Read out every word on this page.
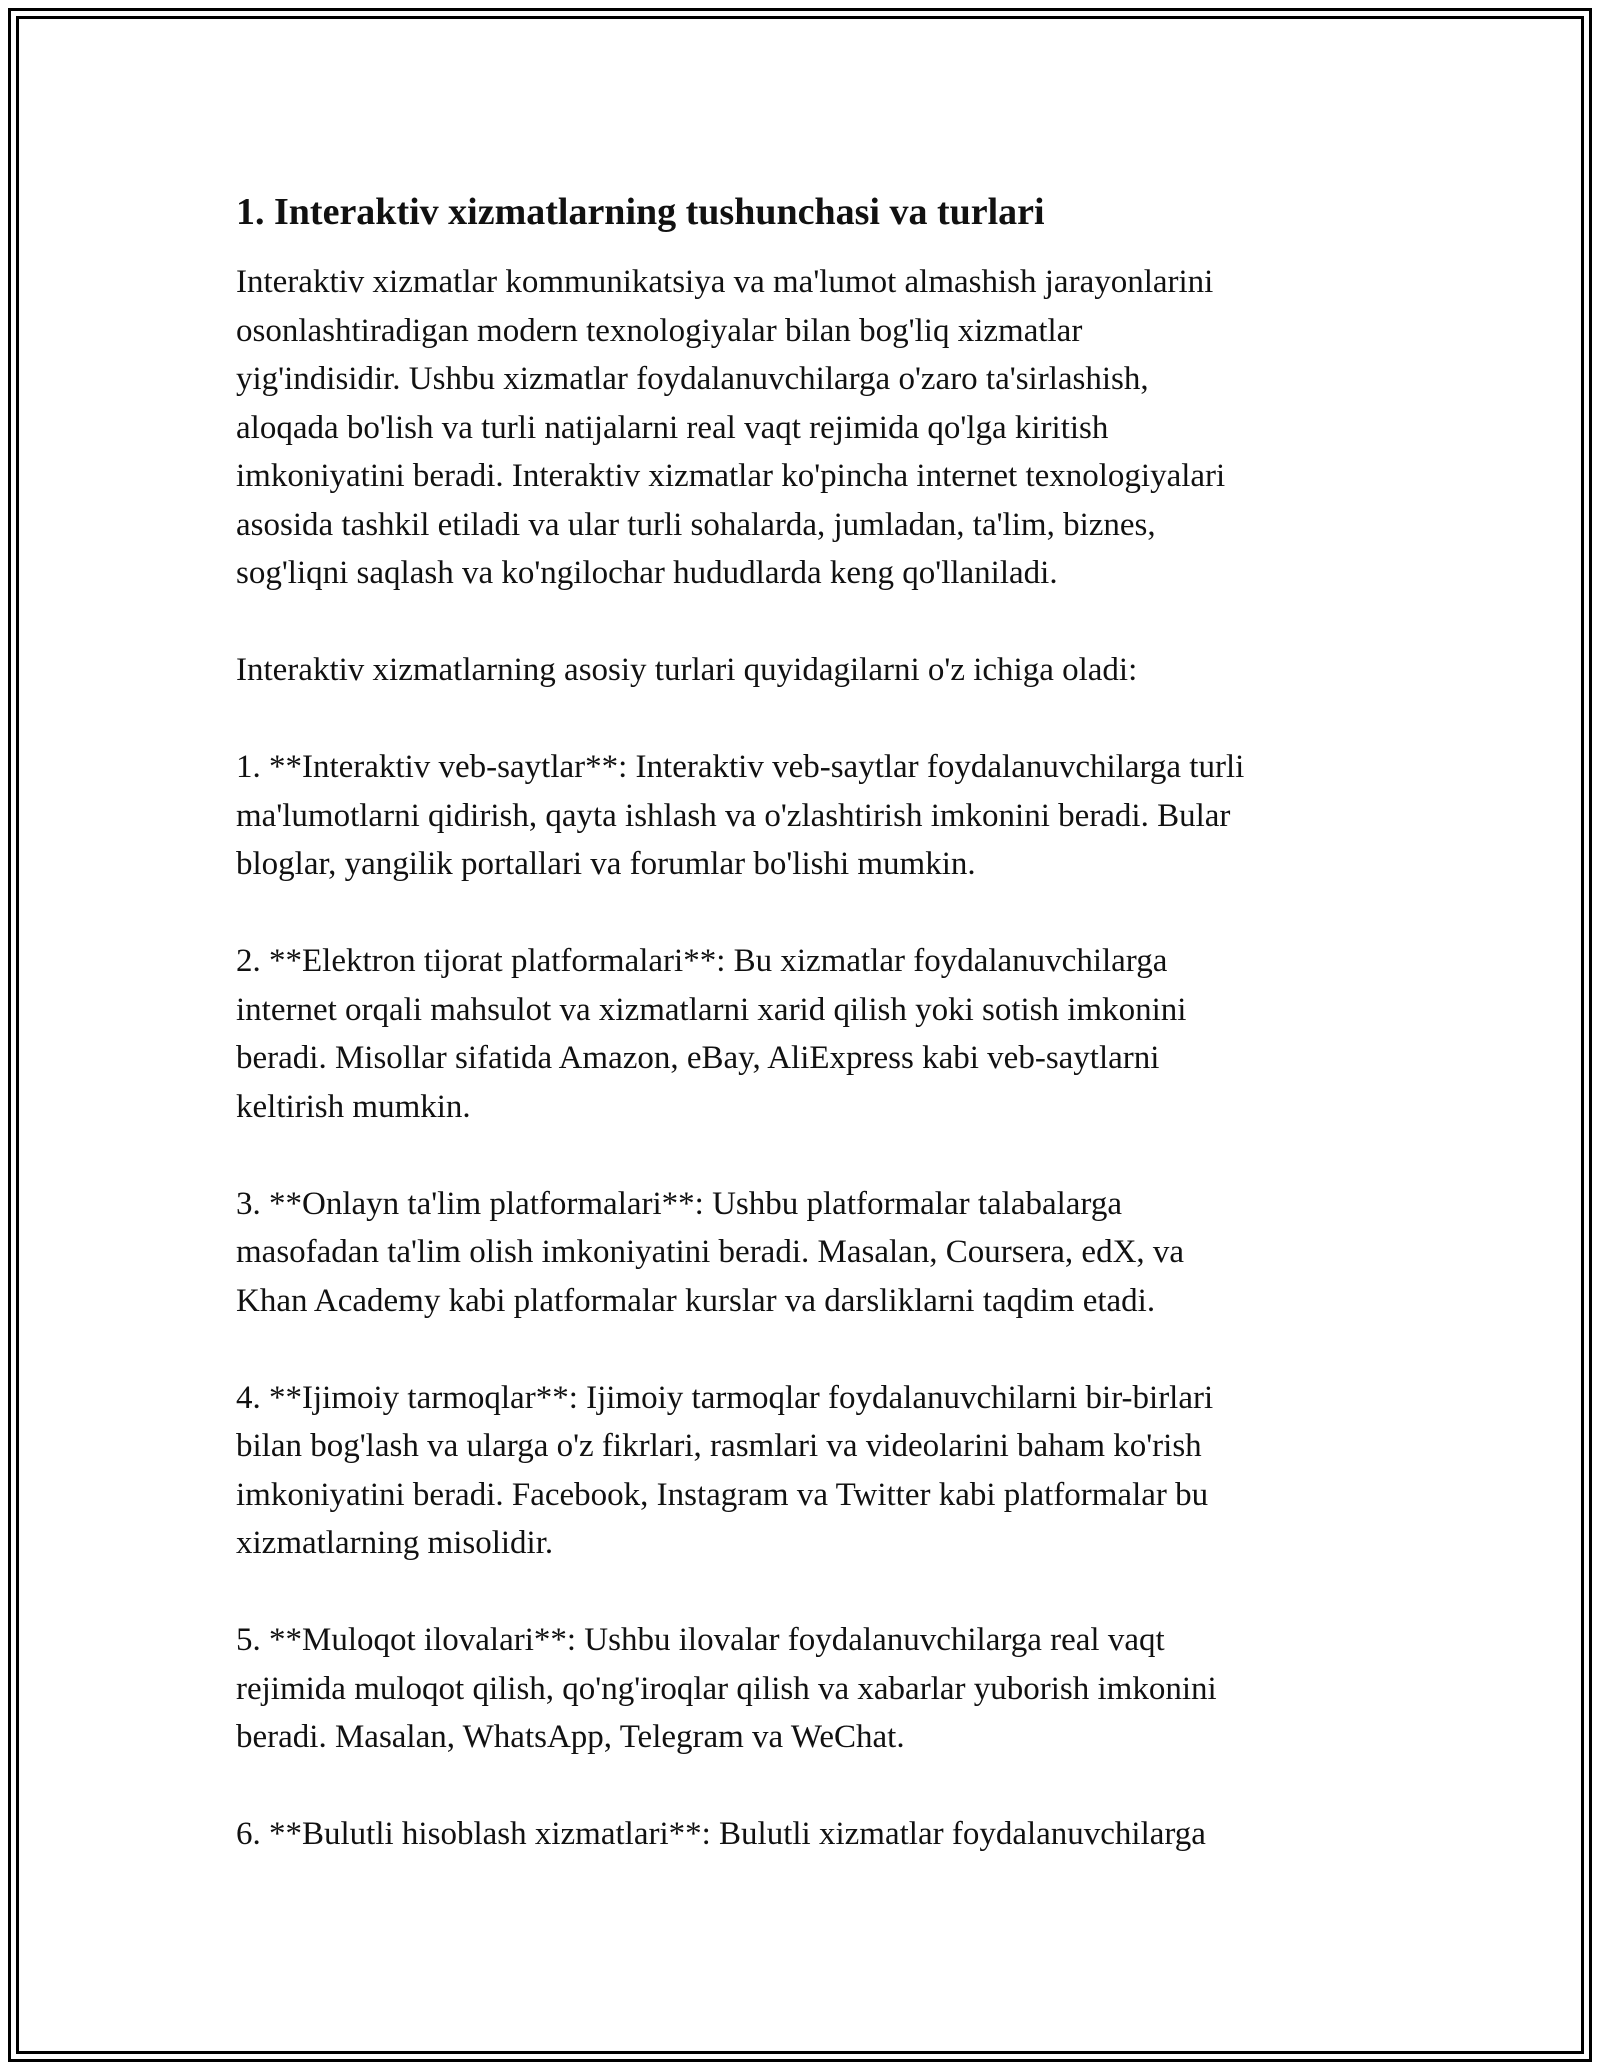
1. Interaktiv xizmatlarning tushunchasi va turlari

Interaktiv xizmatlar kommunikatsiya va ma'lumot almashish jarayonlarini
osonlashtiradigan modern texnologiyalar bilan bog'liq xizmatlar
yig'indisidir. Ushbu xizmatlar foydalanuvchilarga o'zaro ta'sirlashish,
aloqada bo'lish va turli natijalarni real vaqt rejimida qo'lga kiritish
imkoniyatini beradi. Interaktiv xizmatlar ko'pincha internet texnologiyalari
asosida tashkil etiladi va ular turli sohalarda, jumladan, ta'lim, biznes,
sog'liqni saqlash va ko'ngilochar hududlarda keng qo'llaniladi.

Interaktiv xizmatlarning asosiy turlari quyidagilarni o'z ichiga oladi:

1. **Interaktiv veb-saytlar**: Interaktiv veb-saytlar foydalanuvchilarga turli
ma'lumotlarni qidirish, qayta ishlash va o'zlashtirish imkonini beradi. Bular
bloglar, yangilik portallari va forumlar bo'lishi mumkin.

2. **Elektron tijorat platformalari**: Bu xizmatlar foydalanuvchilarga
internet orqali mahsulot va xizmatlarni xarid qilish yoki sotish imkonini
beradi. Misollar sifatida Amazon, eBay, AliExpress kabi veb-saytlarni
keltirish mumkin.

3. **Onlayn ta'lim platformalari**: Ushbu platformalar talabalarga
masofadan ta'lim olish imkoniyatini beradi. Masalan, Coursera, edX, va
Khan Academy kabi platformalar kurslar va darsliklarni taqdim etadi.

4. **Ijimoiy tarmoqlar**: Ijimoiy tarmoqlar foydalanuvchilarni bir-birlari
bilan bog'lash va ularga o'z fikrlari, rasmlari va videolarini baham ko'rish
imkoniyatini beradi. Facebook, Instagram va Twitter kabi platformalar bu
xizmatlarning misolidir.

5. **Muloqot ilovalari**: Ushbu ilovalar foydalanuvchilarga real vaqt
rejimida muloqot qilish, qo'ng'iroqlar qilish va xabarlar yuborish imkonini
beradi. Masalan, WhatsApp, Telegram va WeChat.

6. **Bulutli hisoblash xizmatlari**: Bulutli xizmatlar foydalanuvchilarga
